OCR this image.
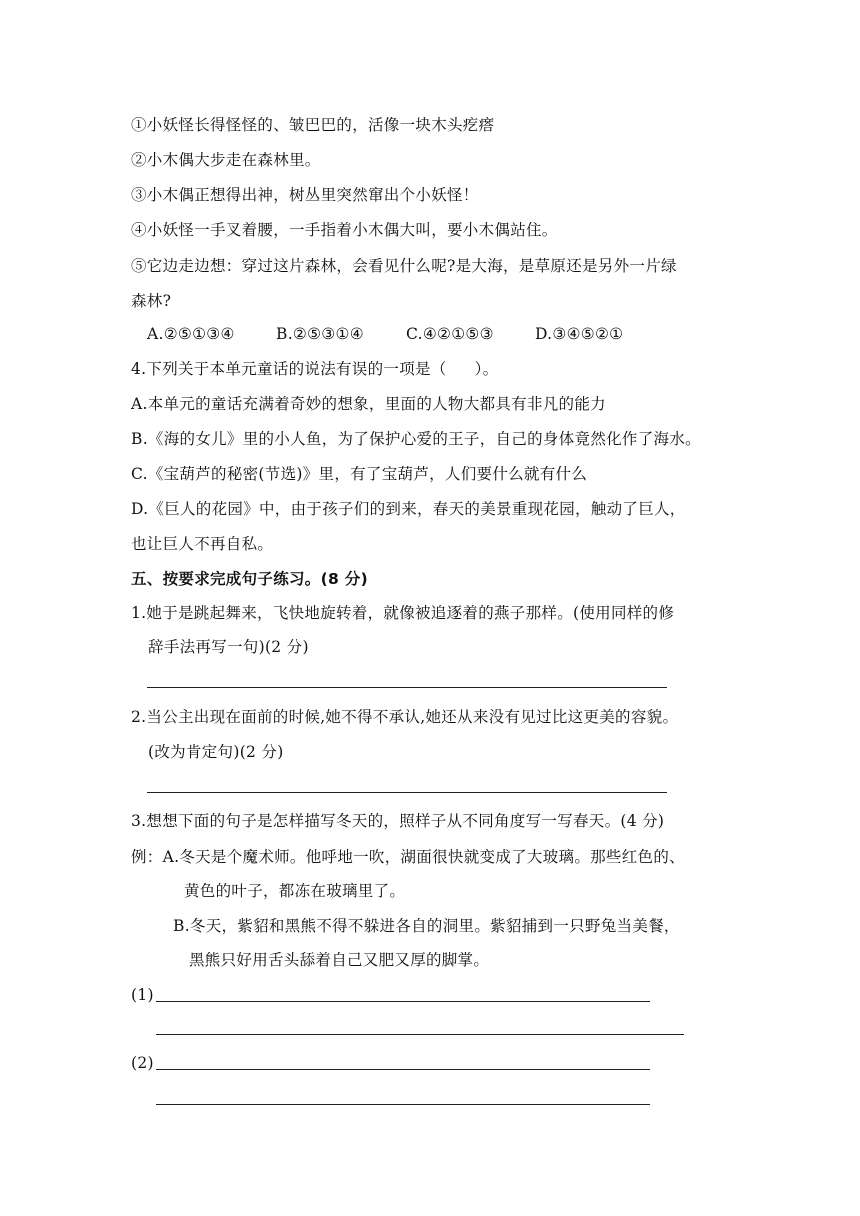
①小妖怪长得怪怪的、皱巴巴的，活像一块木头疙瘩
②小木偶大步走在森林里。
③小木偶正想得出神，树丛里突然窜出个小妖怪！
④小妖怪一手叉着腰，一手指着小木偶大叫，要小木偶站住。
⑤它边走边想：穿过这片森林，会看见什么呢?是大海，是草原还是另外一片绿
森林?
A.②⑤①③④	B.②⑤③①④	C.④②①⑤③	D.③④⑤②①
4.下列关于本单元童话的说法有误的一项是（ ）。
A.本单元的童话充满着奇妙的想象，里面的人物大都具有非凡的能力
B.《海的女儿》里的小人鱼，为了保护心爱的王子，自己的身体竟然化作了海水。
C.《宝葫芦的秘密(节选)》里，有了宝葫芦，人们要什么就有什么
D.《巨人的花园》中，由于孩子们的到来，春天的美景重现花园，触动了巨人，
也让巨人不再自私。
五、按要求完成句子练习。(8 分)
1.她于是跳起舞来，飞快地旋转着，就像被追逐着的燕子那样。(使用同样的修
辞手法再写一句)(2 分)
2.当公主出现在面前的时候,她不得不承认,她还从来没有见过比这更美的容貌。
(改为肯定句)(2 分)
3.想想下面的句子是怎样描写冬天的，照样子从不同角度写一写春天。(4 分)
例：A.冬天是个魔术师。他呼地一吹，湖面很快就变成了大玻璃。那些红色的、
黄色的叶子，都冻在玻璃里了。
B.冬天，紫貂和黑熊不得不躲进各自的洞里。紫貂捕到一只野兔当美餐，
黑熊只好用舌头舔着自己又肥又厚的脚掌。
(1)
(2)
